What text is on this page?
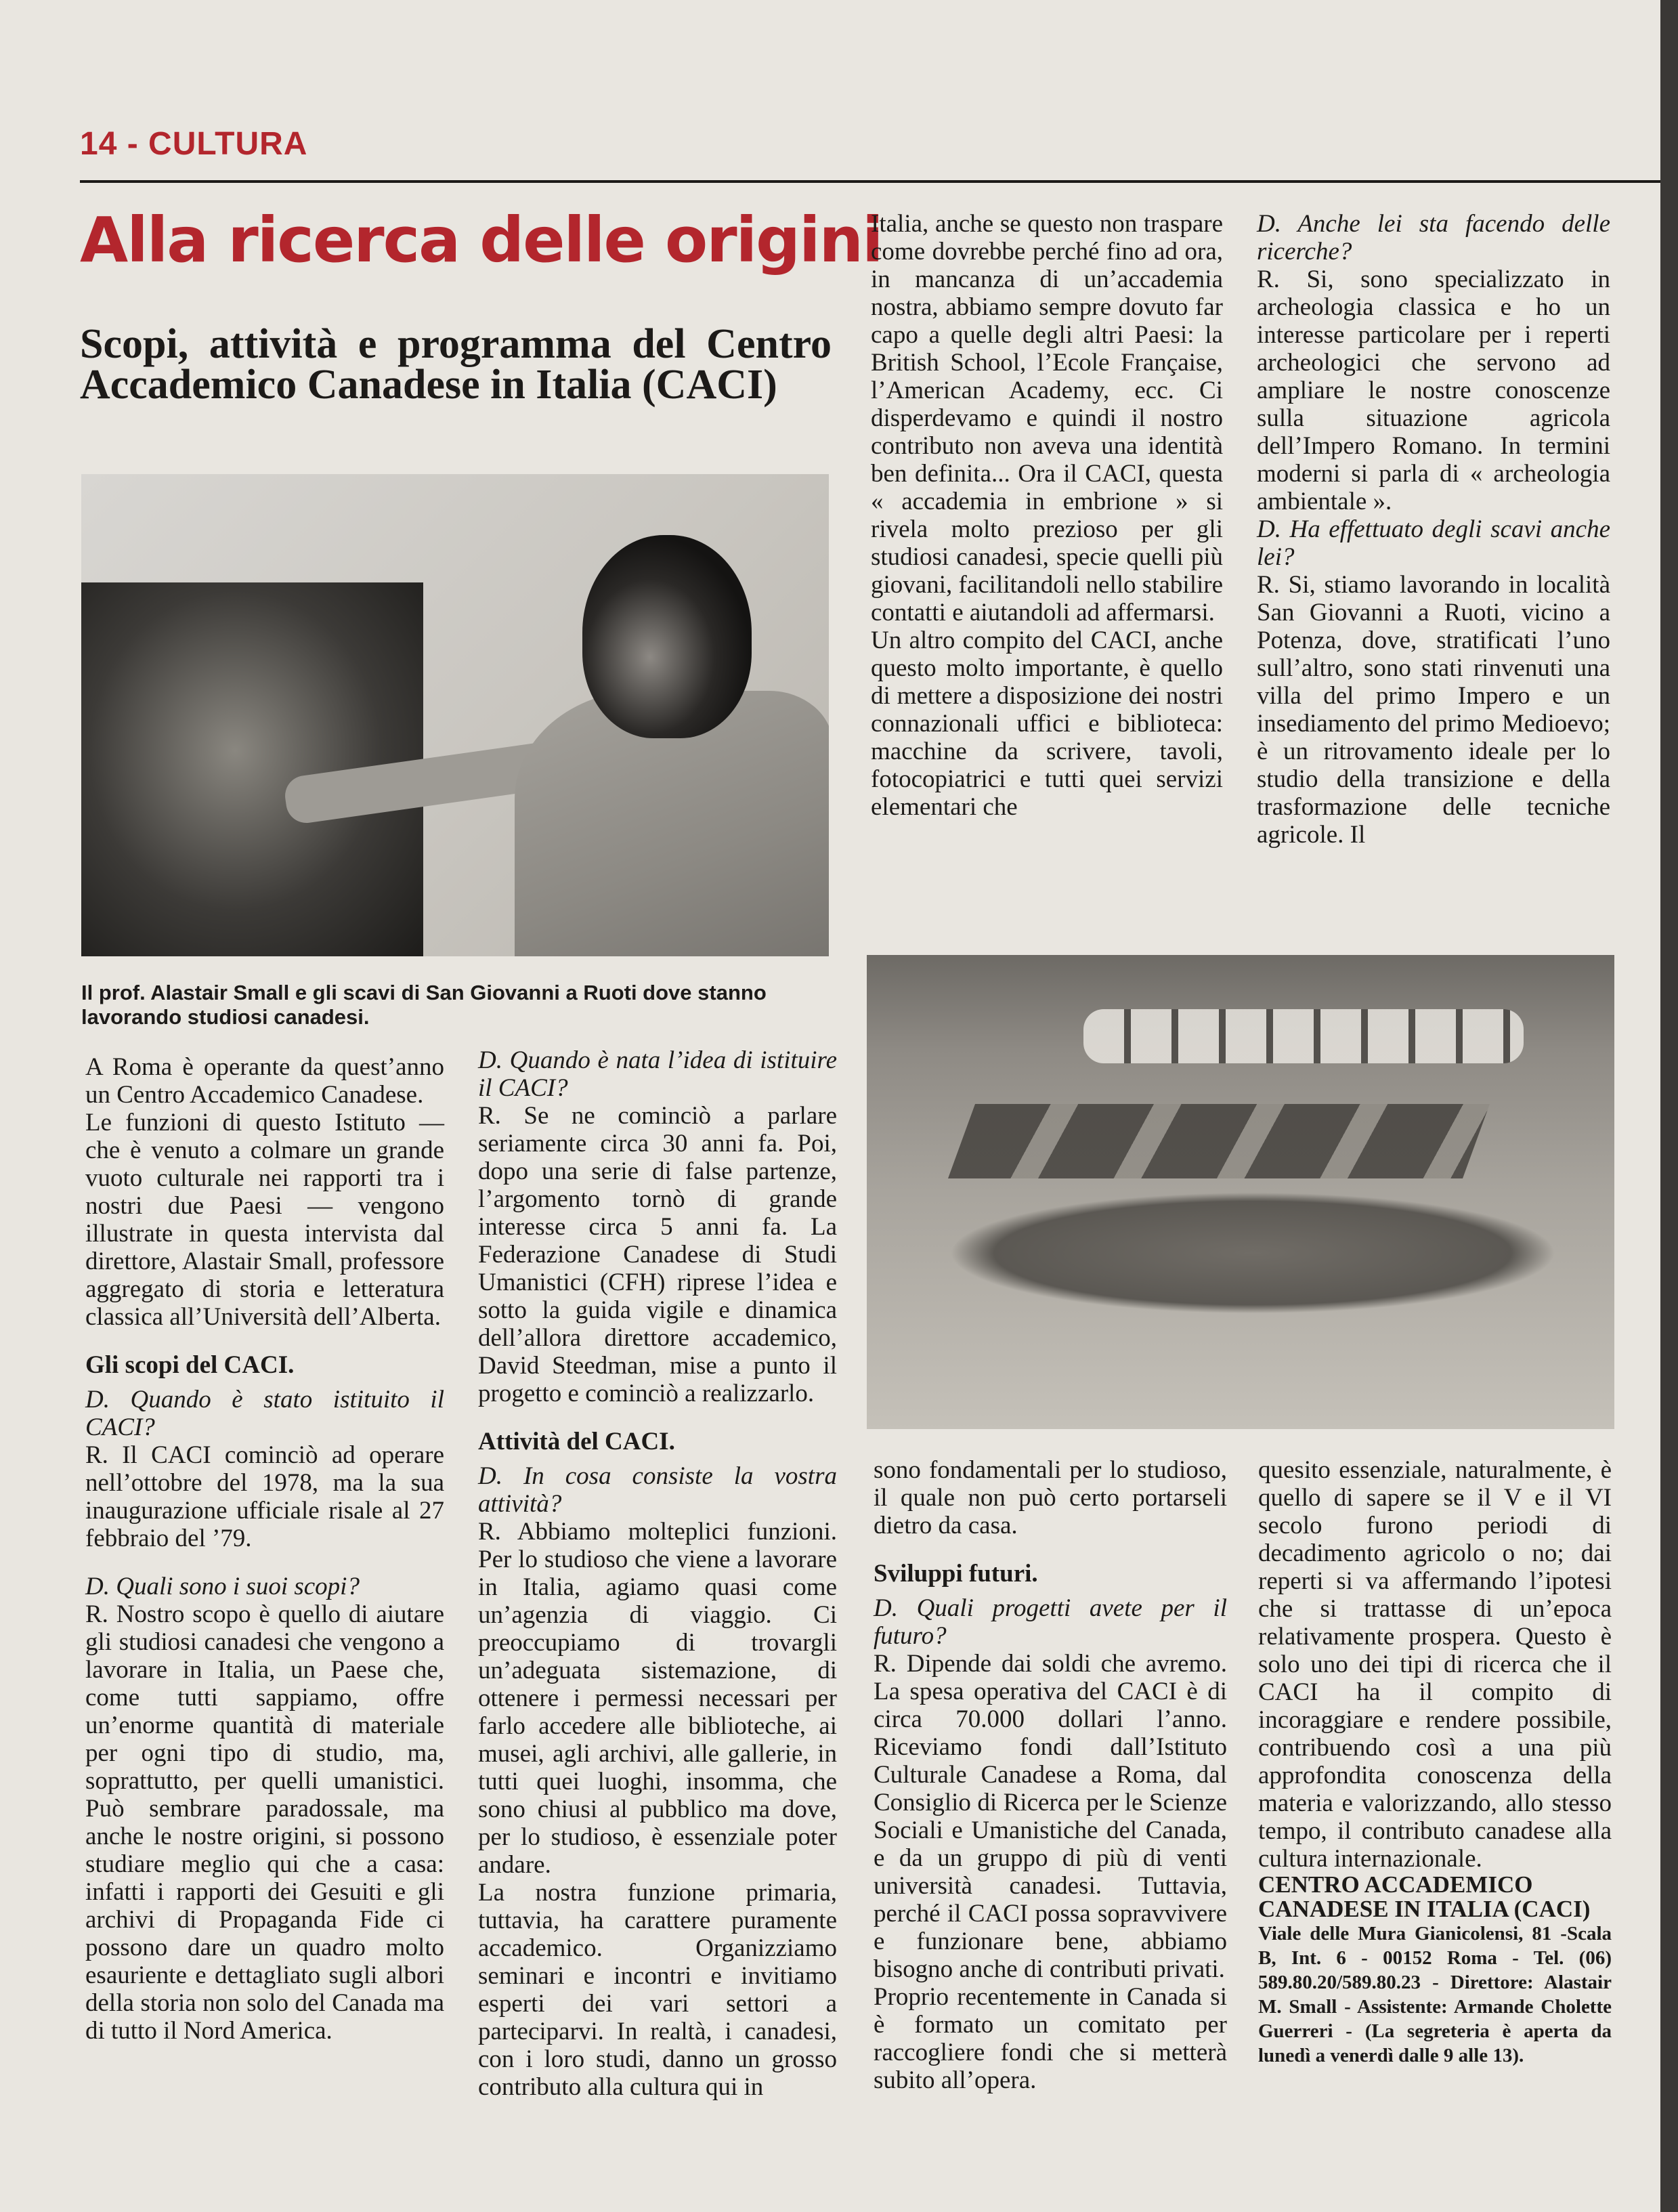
14 - CULTURA
Alla ricerca delle origini
Scopi, attività e programma del Centro Accademico Canadese in Italia (CACI)
Il prof. Alastair Small e gli scavi di San Giovanni a Ruoti dove stanno lavorando studiosi canadesi.

A Roma è operante da quest’anno un Centro Accademico Canadese.

Le funzioni di questo Istituto — che è venuto a colmare un grande vuoto culturale nei rapporti tra i nostri due Paesi — vengono illustrate in questa intervista dal direttore, Alastair Small, professore aggregato di storia e letteratura classica all’Università dell’Alberta.

Gli scopi del CACI.

D. Quando è stato istituito il CACI?

R. Il CACI cominciò ad operare nell’ottobre del 1978, ma la sua inaugurazione ufficiale risale al 27 febbraio del ’79.

D. Quali sono i suoi scopi?

R. Nostro scopo è quello di aiutare gli studiosi canadesi che vengono a lavorare in Italia, un Paese che, come tutti sappiamo, offre un’enorme quantità di materiale per ogni tipo di studio, ma, soprattutto, per quelli umanistici. Può sembrare paradossale, ma anche le nostre origini, si possono studiare meglio qui che a casa: infatti i rapporti dei Gesuiti e gli archivi di Propaganda Fide ci possono dare un quadro molto esauriente e dettagliato sugli albori della storia non solo del Canada ma di tutto il Nord America.

D. Quando è nata l’idea di istituire il CACI?

R. Se ne cominciò a parlare seriamente circa 30 anni fa. Poi, dopo una serie di false partenze, l’argomento tornò di grande interesse circa 5 anni fa. La Federazione Canadese di Studi Umanistici (CFH) riprese l’idea e sotto la guida vigile e dinamica dell’allora direttore accademico, David Steedman, mise a punto il progetto e cominciò a realizzarlo.

Attività del CACI.

D. In cosa consiste la vostra attività?

R. Abbiamo molteplici funzioni. Per lo studioso che viene a lavorare in Italia, agiamo quasi come un’agenzia di viaggio. Ci preoccupiamo di trovargli un’adeguata sistemazione, di ottenere i permessi necessari per farlo accedere alle biblioteche, ai musei, agli archivi, alle gallerie, in tutti quei luoghi, insomma, che sono chiusi al pubblico ma dove, per lo studioso, è essenziale poter andare.

La nostra funzione primaria, tuttavia, ha carattere puramente accademico. Organizziamo seminari e incontri e invitiamo esperti dei vari settori a parteciparvi. In realtà, i canadesi, con i loro studi, danno un grosso contributo alla cultura qui in

Italia, anche se questo non traspare come dovrebbe perché fino ad ora, in mancanza di un’accademia nostra, abbiamo sempre dovuto far capo a quelle degli altri Paesi: la British School, l’Ecole Française, l’American Academy, ecc. Ci disperdevamo e quindi il nostro contributo non aveva una identità ben definita... Ora il CACI, questa « accademia in embrione » si rivela molto prezioso per gli studiosi canadesi, specie quelli più giovani, facilitandoli nello stabilire contatti e aiutandoli ad affermarsi.

Un altro compito del CACI, anche questo molto importante, è quello di mettere a disposizione dei nostri connazionali uffici e biblioteca: macchine da scrivere, tavoli, fotocopiatrici e tutti quei servizi elementari che

sono fondamentali per lo studioso, il quale non può certo portarseli dietro da casa.

Sviluppi futuri.

D. Quali progetti avete per il futuro?

R. Dipende dai soldi che avremo. La spesa operativa del CACI è di circa 70.000 dollari l’anno. Riceviamo fondi dall’Istituto Culturale Canadese a Roma, dal Consiglio di Ricerca per le Scienze Sociali e Umanistiche del Canada, e da un gruppo di più di venti università canadesi. Tuttavia, perché il CACI possa sopravvivere e funzionare bene, abbiamo bisogno anche di contributi privati.

Proprio recentemente in Canada si è formato un comitato per raccogliere fondi che si metterà subito all’opera.

D. Anche lei sta facendo delle ricerche?

R. Si, sono specializzato in archeologia classica e ho un interesse particolare per i reperti archeologici che servono ad ampliare le nostre conoscenze sulla situazione agricola dell’Impero Romano. In termini moderni si parla di « archeologia ambientale ».

D. Ha effettuato degli scavi anche lei?

R. Si, stiamo lavorando in località San Giovanni a Ruoti, vicino a Potenza, dove, stratificati l’uno sull’altro, sono stati rinvenuti una villa del primo Impero e un insediamento del primo Medioevo; è un ritrovamento ideale per lo studio della transizione e della trasformazione delle tecniche agricole. Il

quesito essenziale, naturalmente, è quello di sapere se il V e il VI secolo furono periodi di decadimento agricolo o no; dai reperti si va affermando l’ipotesi che si trattasse di un’epoca relativamente prospera. Questo è solo uno dei tipi di ricerca che il CACI ha il compito di incoraggiare e rendere possibile, contribuendo così a una più approfondita conoscenza della materia e valorizzando, allo stesso tempo, il contributo canadese alla cultura internazionale.

CENTRO ACCADEMICO CANADESE IN ITALIA (CACI)

Viale delle Mura Gianicolensi, 81 -Scala B, Int. 6 - 00152 Roma - Tel. (06) 589.80.20/589.80.23 - Direttore: Alastair M. Small - Assistente: Armande Cholette Guerreri - (La segreteria è aperta da lunedì a venerdì dalle 9 alle 13).
